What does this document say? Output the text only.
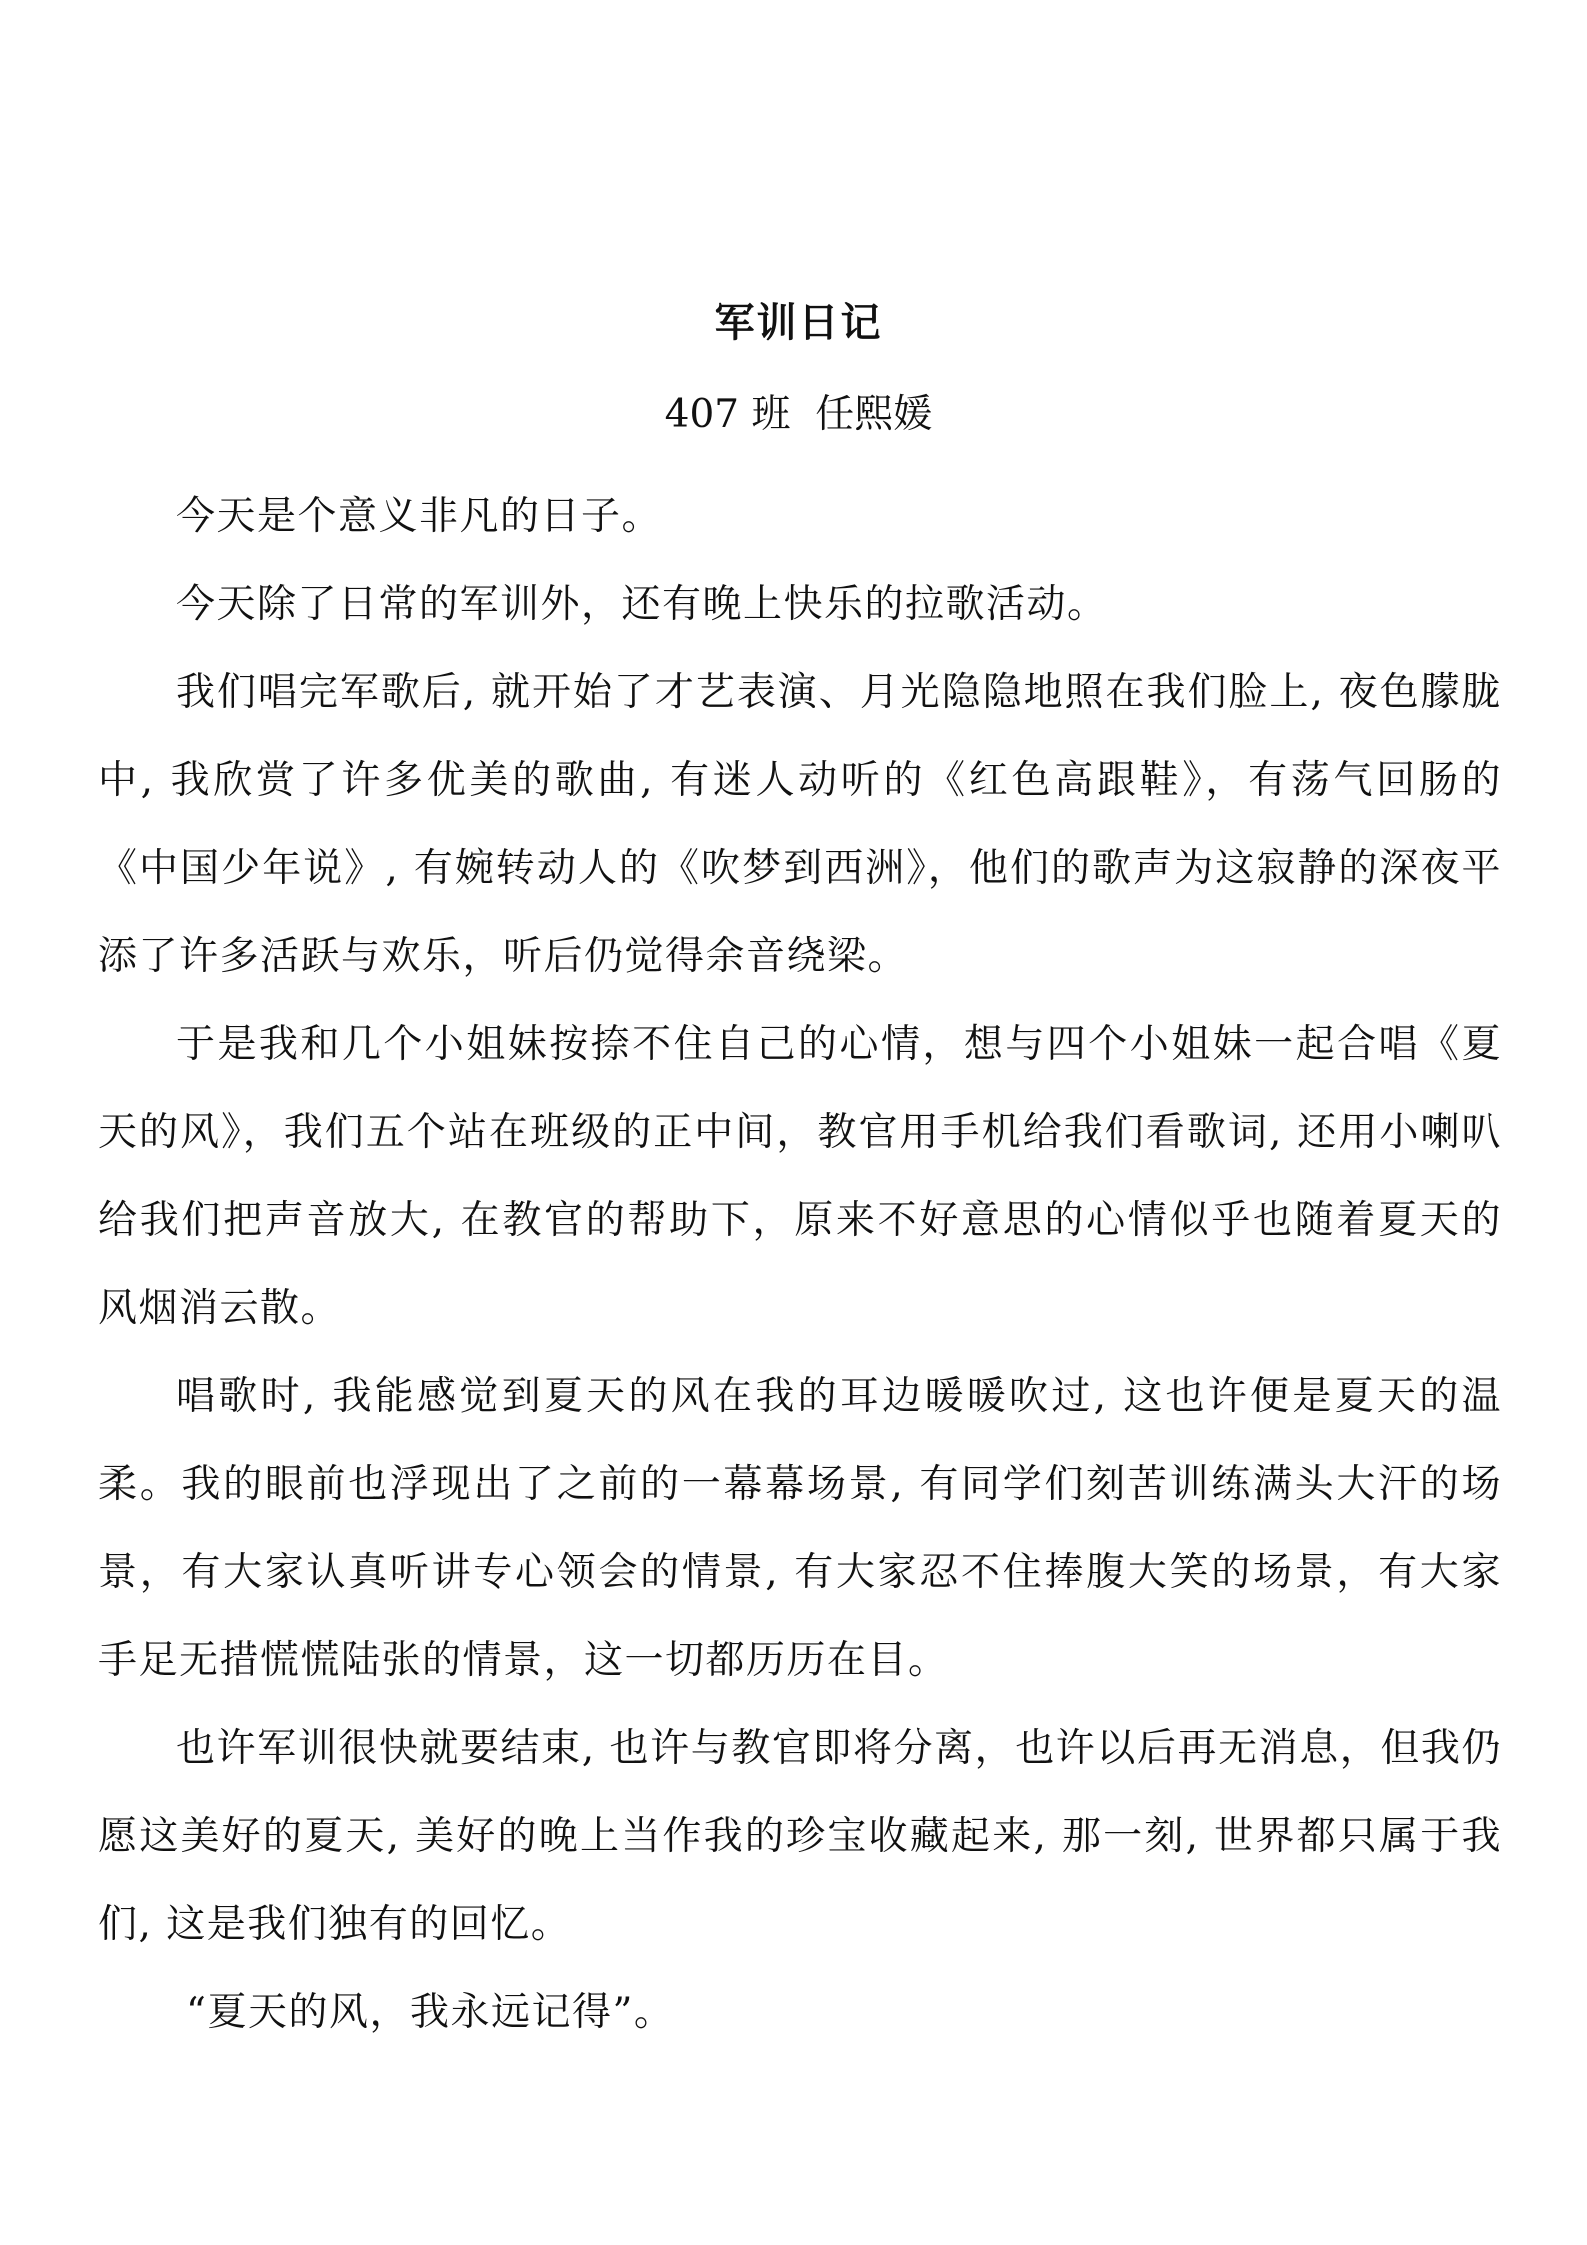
军训日记

407 班  任熙媛

今天是个意义非凡的日子。

今天除了日常的军训外，还有晚上快乐的拉歌活动。

我们唱完军歌后, 就开始了才艺表演、月光隐隐地照在我们脸上, 夜色朦胧中, 我欣赏了许多优美的歌曲, 有迷人动听的《红色高跟鞋》，有荡气回肠的《中国少年说》, 有婉转动人的《吹梦到西洲》，他们的歌声为这寂静的深夜平添了许多活跃与欢乐，听后仍觉得余音绕梁。

于是我和几个小姐妹按捺不住自己的心情，想与四个小姐妹一起合唱《夏天的风》，我们五个站在班级的正中间，教官用手机给我们看歌词, 还用小喇叭给我们把声音放大, 在教官的帮助下，原来不好意思的心情似乎也随着夏天的风烟消云散。

唱歌时, 我能感觉到夏天的风在我的耳边暖暖吹过, 这也许便是夏天的温柔。我的眼前也浮现出了之前的一幕幕场景, 有同学们刻苦训练满头大汗的场景，有大家认真听讲专心领会的情景, 有大家忍不住捧腹大笑的场景，有大家手足无措慌慌陆张的情景，这一切都历历在目。

也许军训很快就要结束, 也许与教官即将分离，也许以后再无消息，但我仍愿这美好的夏天, 美好的晚上当作我的珍宝收藏起来, 那一刻, 世界都只属于我们, 这是我们独有的回忆。

“夏天的风，我永远记得”。
